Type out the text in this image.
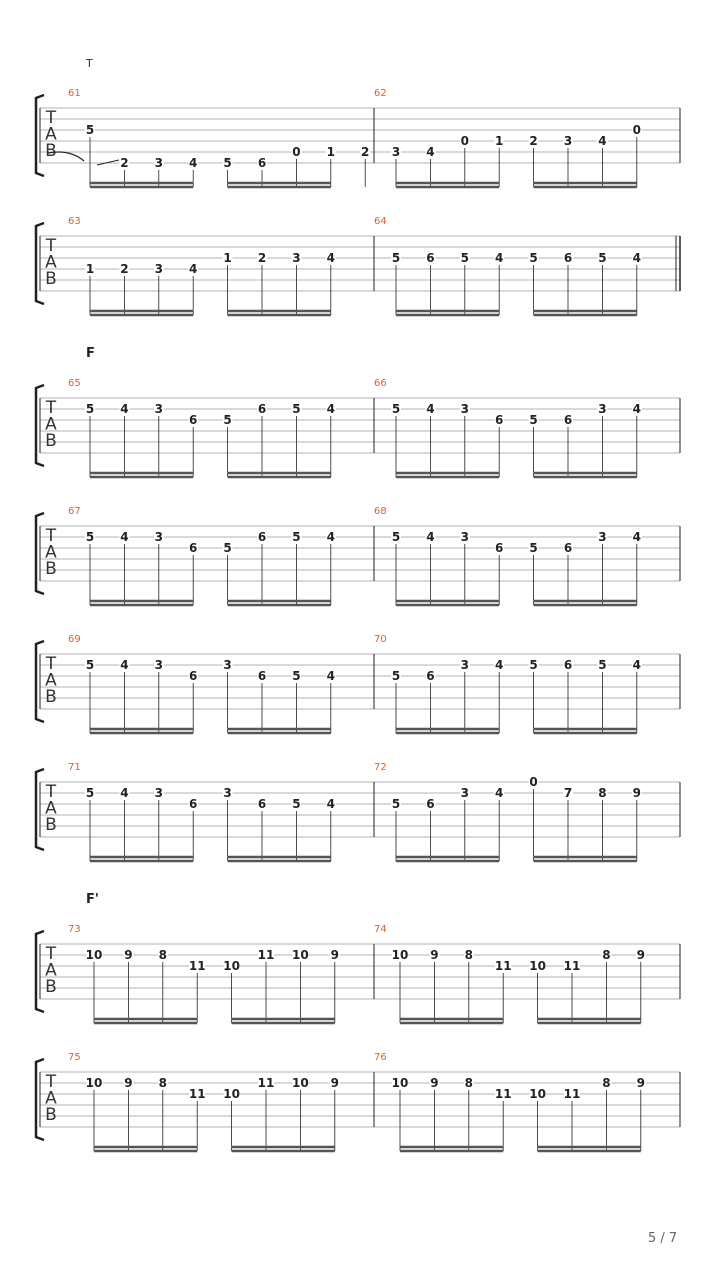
T
T
A
B
61
5
2 3 4 5 6
0 1 2
62
3 4
0 1 2 3 4
0
T
A
B
63
1 2 3 4
1 2 3 4
64
5 6 5 4 5 6 5 4
T
A
B
65
5 4 3
6 5
6 5 4
66
5 4 3
6 5 6
3 4
T
A
B
67
5 4 3
6 5
6 5 4
68
5 4 3
6 5 6
3 4
T
A
B
69
5 4 3
6
3
6 5 4
70
5 6
3 4 5 6 5 4
T
A
B
71
5 4 3
6
3
6 5 4
72
5 6
3 4
0
7 8 9
T
A
B
73
10 9 8
11 10
11 10 9
74
10 9 8
11 10 11
8 9
T
A
B
75
10 9 8
11 10
11 10 9
76
10 9 8
11 10 11
8 9
5 / 7
F
F'
